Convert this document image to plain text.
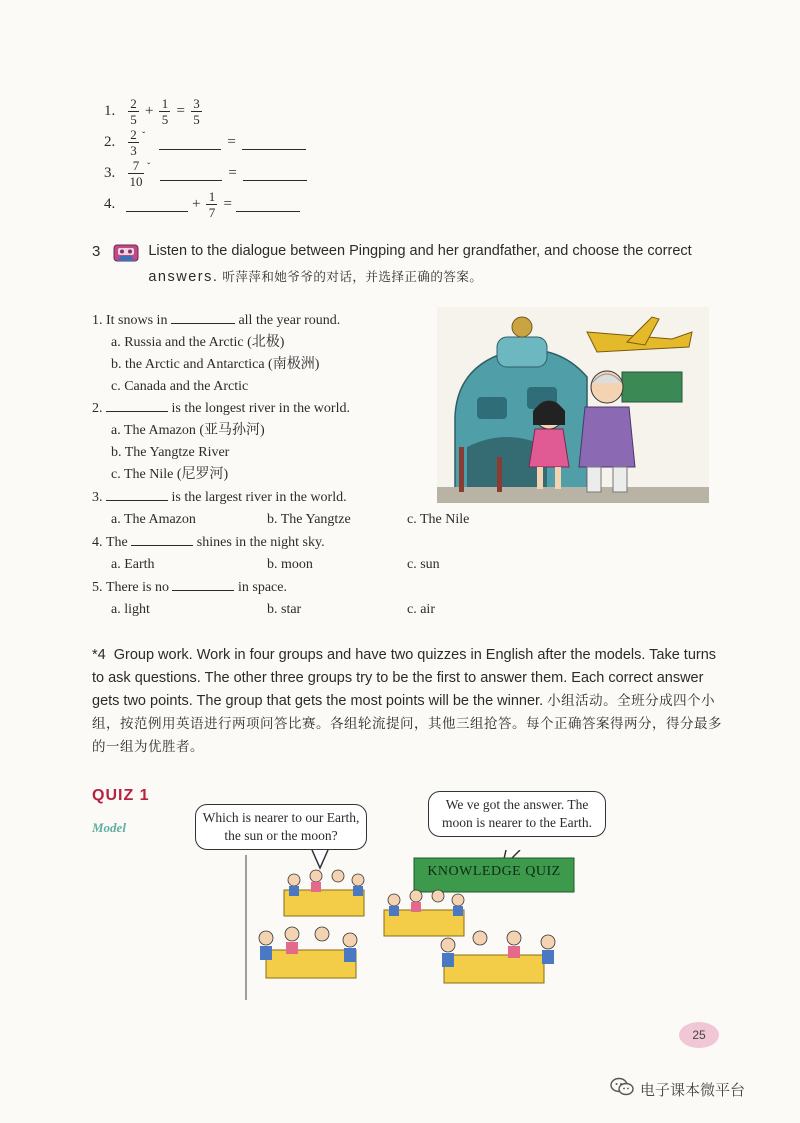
1. $\frac{2}{5} + \frac{1}{5} = \frac{3}{5}$
2. $\frac{2}{3}$ ˇ	=
3. $\frac{7}{10}$ ˇ	=
4.	+ $\frac{1}{7}$ =
3	Listen to the dialogue between Pingping and her grandfather, and choose the correct
answers. 听萍萍和她爷爷的对话，并选择正确的答案。
1. It snows in	all the year round.
a. Russia and the Arctic (北极)
b. the Arctic and Antarctica (南极洲)
c. Canada and the Arctic
2.	is the longest river in the world.
a. The Amazon (亚马孙河)
b. The Yangtze River
c. The Nile (尼罗河)
3.	is the largest river in the world.
a. The Amazon	b. The Yangtze	c. The Nile
4. The	shines in the night sky.
a. Earth	b. moon	c. sun
5. There is no	in space.
a. light	b. star	c. air
*4 Group work. Work in four groups and have two quizzes in English after the models. Take turns to ask questions. The other three groups try to be the first to answer them. Each correct answer gets two points. The group that gets the most points will be the winner. 小组活动。全班分成四个小组，按范例用英语进行两项问答比赛。各组轮流提问，其他三组抢答。每个正确答案得两分，得分最多的一组为优胜者。
QUIZ 1
Model
Which is nearer to our Earth, the sun or the moon?
We ve got the answer. The moon is nearer to the Earth.
KNOWLEDGE QUIZ
25
电子课本微平台
